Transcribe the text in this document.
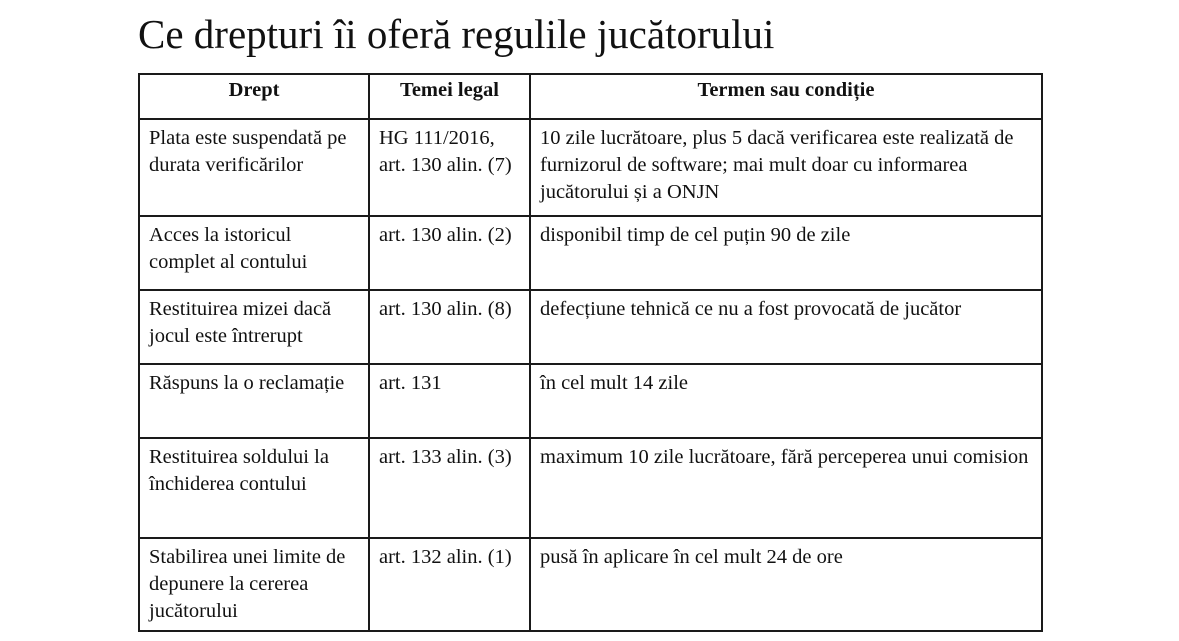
Ce drepturi îi oferă regulile jucătorului
Drept	Temei legal	Termen sau condiție
Plata este suspendată pe durata verificărilor	HG 111/2016, art. 130 alin. (7)	10 zile lucrătoare, plus 5 dacă verificarea este realizată de furnizorul de software; mai mult doar cu informarea jucătorului și a ONJN
Acces la istoricul complet al contului	art. 130 alin. (2)	disponibil timp de cel puțin 90 de zile
Restituirea mizei dacă jocul este întrerupt	art. 130 alin. (8)	defecțiune tehnică ce nu a fost provocată de jucător
Răspuns la o reclamație	art. 131	în cel mult 14 zile
Restituirea soldului la închiderea contului	art. 133 alin. (3)	maximum 10 zile lucrătoare, fără perceperea unui comision
Stabilirea unei limite de depunere la cererea jucătorului	art. 132 alin. (1)	pusă în aplicare în cel mult 24 de ore
